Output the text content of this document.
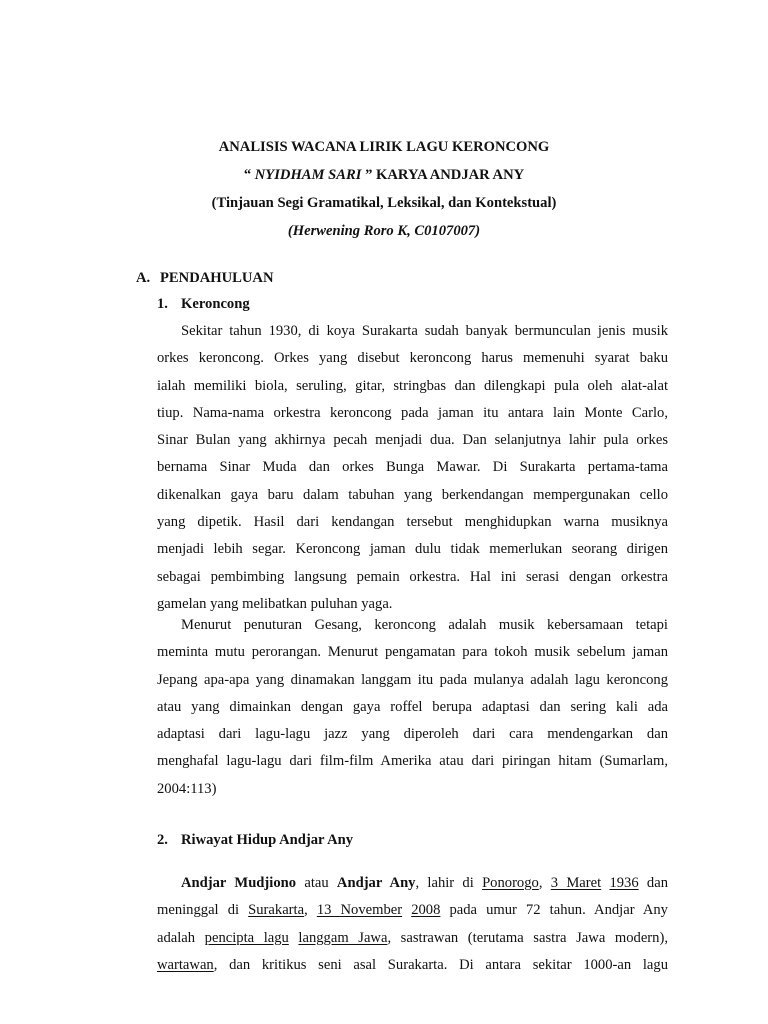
ANALISIS WACANA LIRIK LAGU KERONCONG
“ NYIDHAM SARI ” KARYA ANDJAR ANY
(Tinjauan Segi Gramatikal, Leksikal, dan Kontekstual)
(Herwening Roro K, C0107007)
A. PENDAHULUAN
1. Keroncong
Sekitar tahun 1930, di koya Surakarta sudah banyak bermunculan jenis musik
orkes keroncong. Orkes yang disebut keroncong harus memenuhi syarat baku
ialah memiliki biola, seruling, gitar, stringbas dan dilengkapi pula oleh alat-alat
tiup. Nama-nama orkestra keroncong pada jaman itu antara lain Monte Carlo,
Sinar Bulan yang akhirnya pecah menjadi dua. Dan selanjutnya lahir pula orkes
bernama Sinar Muda dan orkes Bunga Mawar. Di Surakarta pertama-tama
dikenalkan gaya baru dalam tabuhan yang berkendangan mempergunakan cello
yang dipetik. Hasil dari kendangan tersebut menghidupkan warna musiknya
menjadi lebih segar. Keroncong jaman dulu tidak memerlukan seorang dirigen
sebagai pembimbing langsung pemain orkestra. Hal ini serasi dengan orkestra
gamelan yang melibatkan puluhan yaga.
Menurut penuturan Gesang, keroncong adalah musik kebersamaan tetapi
meminta mutu perorangan. Menurut pengamatan para tokoh musik sebelum jaman
Jepang apa-apa yang dinamakan langgam itu pada mulanya adalah lagu keroncong
atau yang dimainkan dengan gaya roffel berupa adaptasi dan sering kali ada
adaptasi dari lagu-lagu jazz yang diperoleh dari cara mendengarkan dan
menghafal lagu-lagu dari film-film Amerika atau dari piringan hitam (Sumarlam,
2004:113)
2. Riwayat Hidup Andjar Any
Andjar Mudjiono atau Andjar Any, lahir di Ponorogo, 3 Maret 1936 dan
meninggal di Surakarta, 13 November 2008 pada umur 72 tahun. Andjar Any
adalah pencipta lagu langgam Jawa, sastrawan (terutama sastra Jawa modern),
wartawan, dan kritikus seni asal Surakarta. Di antara sekitar 1000-an lagu
